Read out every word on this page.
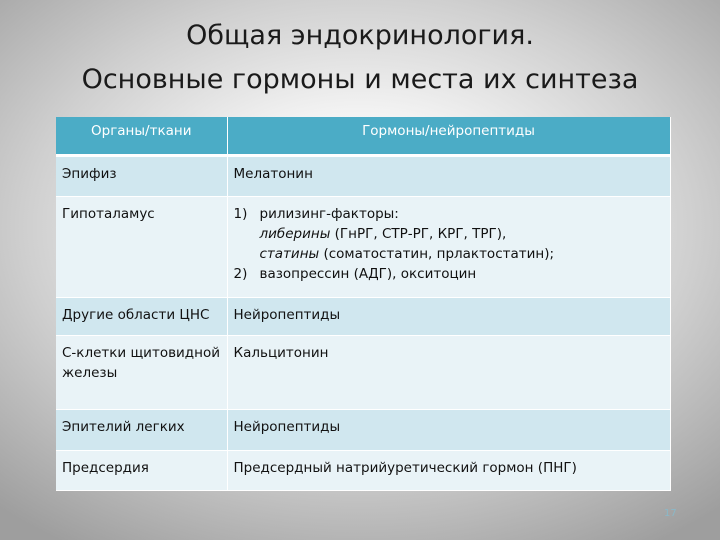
Общая эндокринология.
Основные гормоны и места их синтеза
Органы/ткани	Гормоны/нейропептиды
Эпифиз	Мелатонин
Гипоталамус	1) рилизинг-факторы:
либерины (ГнРГ, СТР-РГ, КРГ, ТРГ),
статины (соматостатин, прлактостатин);
2) вазопрессин (АДГ), окситоцин

Другие области ЦНС	Нейропептиды
С-клетки щитовидной железы	Кальцитонин
Эпителий легких	Нейропептиды
Предсердия	Предсердный натрийуретический гормон (ПНГ)
17
